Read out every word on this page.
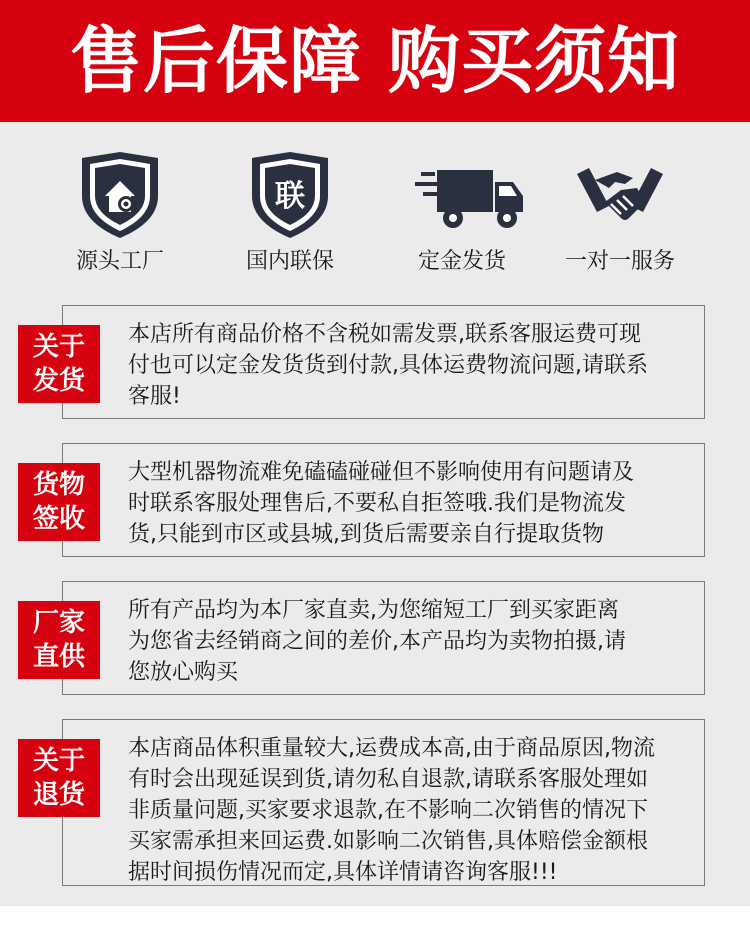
售后保障 购买须知
源头工厂
联
国内联保	定金发货	一对一服务
关于
发货
本店所有商品价格不含税如需发票,联系客服运费可现
付也可以定金发货货到付款,具体运费物流问题,请联系
客服!
货物
签收
大型机器物流难免磕磕碰碰但不影响使用有问题请及
时联系客服处理售后,不要私自拒签哦.我们是物流发
货,只能到市区或县城,到货后需要亲自行提取货物
厂家
直供
所有产品均为本厂家直卖,为您缩短工厂到买家距离
为您省去经销商之间的差价,本产品均为卖物拍摄,请
您放心购买
关于
退货
本店商品体积重量较大,运费成本高,由于商品原因,物流
有时会出现延误到货,请勿私自退款,请联系客服处理如
非质量问题,买家要求退款,在不影响二次销售的情况下
买家需承担来回运费.如影响二次销售,具体赔偿金额根
据时间损伤情况而定,具体详情请咨询客服!!!
